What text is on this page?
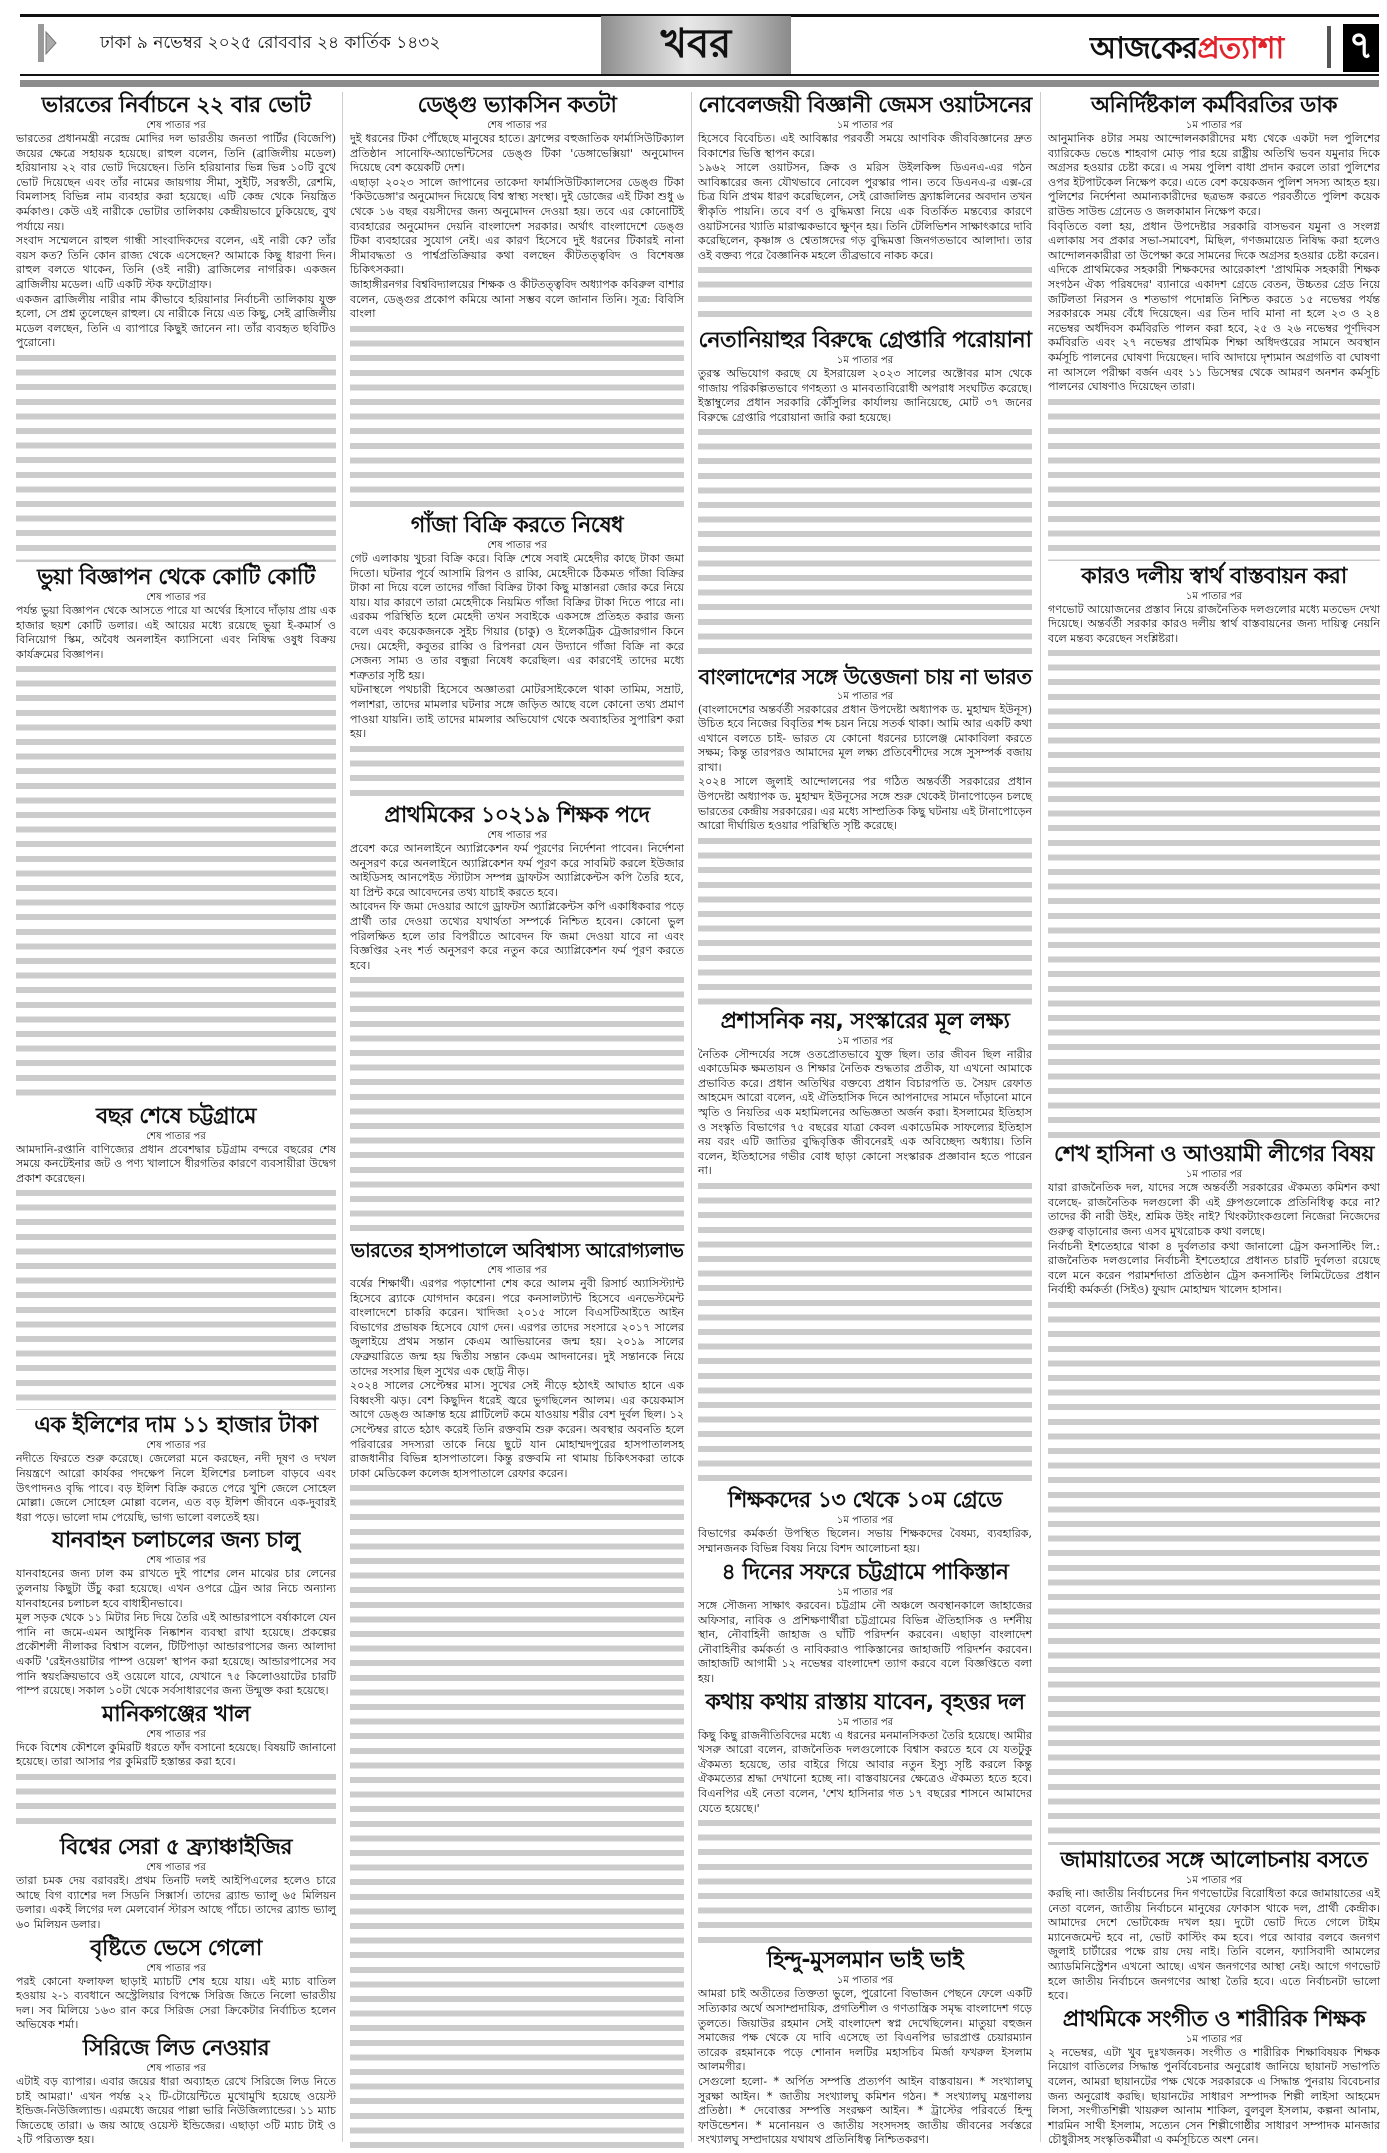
ঢাকা ৯ নভেম্বর ২০২৫ রোববার ২৪ কার্তিক ১৪৩২	খবর	আজকেরপ্রত্যাশা ৭
ভারতের নির্বাচনে ২২ বার ভোট
শেষ পাতার পর

ভারতের প্রধানমন্ত্রী নরেন্দ্র মোদির দল ভারতীয় জনতা পার্টির (বিজেপি) জয়ের ক্ষেত্রে সহায়ক হয়েছে। রাহুল বলেন, তিনি (ব্রাজিলীয় মডেল) হরিয়ানায় ২২ বার ভোট দিয়েছেন। তিনি হরিয়ানার ভিন্ন ভিন্ন ১০টি বুথে ভোট দিয়েছেন এবং তাঁর নামের জায়গায় সীমা, সুইটি, সরস্বতী, রেশমি, বিমলাসহ বিভিন্ন নাম ব্যবহার করা হয়েছে। এটি কেন্দ্র থেকে নিয়ন্ত্রিত কর্মকাণ্ড। কেউ এই নারীকে ভোটার তালিকায় কেন্দ্রীয়ভাবে ঢুকিয়েছে, বুথ পর্যায়ে নয়।

সংবাদ সম্মেলনে রাহুল গান্ধী সাংবাদিকদের বলেন, এই নারী কে? তাঁর বয়স কত? তিনি কোন রাজ্য থেকে এসেছেন? আমাকে কিছু ধারণা দিন। রাহুল বলতে থাকেন, তিনি (ওই নারী) ব্রাজিলের নাগরিক। একজন ব্রাজিলীয় মডেল। এটি একটি স্টক ফটোগ্রাফ।

একজন ব্রাজিলীয় নারীর নাম কীভাবে হরিয়ানার নির্বাচনী তালিকায় যুক্ত হলো, সে প্রশ্ন তুলেছেন রাহুল। যে নারীকে নিয়ে এত কিছু, সেই ব্রাজিলীয় মডেল বলছেন, তিনি এ ব্যাপারে কিছুই জানেন না। তাঁর ব্যবহৃত ছবিটিও পুরোনো।

ভুয়া বিজ্ঞাপন থেকে কোটি কোটি
শেষ পাতার পর

পর্যন্ত ভুয়া বিজ্ঞাপন থেকে আসতে পারে যা অর্থের হিসাবে দাঁড়ায় প্রায় এক হাজার ছয়শ কোটি ডলার। এই আয়ের মধ্যে রয়েছে ভুয়া ই-কমার্স ও বিনিয়োগ স্কিম, অবৈধ অনলাইন ক্যাসিনো এবং নিষিদ্ধ ওষুধ বিক্রয় কার্যক্রমের বিজ্ঞাপন।

বছর শেষে চট্টগ্রামে
শেষ পাতার পর

আমদানি-রপ্তানি বাণিজ্যের প্রধান প্রবেশদ্বার চট্টগ্রাম বন্দরে বছরের শেষ সময়ে কনটেইনার জট ও পণ্য খালাসে ধীরগতির কারণে ব্যবসায়ীরা উদ্বেগ প্রকাশ করেছেন।

এক ইলিশের দাম ১১ হাজার টাকা
শেষ পাতার পর

নদীতে ফিরতে শুরু করেছে। জেলেরা মনে করছেন, নদী দূষণ ও দখল নিয়ন্ত্রণে আরো কার্যকর পদক্ষেপ নিলে ইলিশের চলাচল বাড়বে এবং উৎপাদনও বৃদ্ধি পাবে। বড় ইলিশ বিক্রি করতে পেরে খুশি জেলে সোহেল মোল্লা। জেলে সোহেল মোল্লা বলেন, এত বড় ইলিশ জীবনে এক-দুবারই ধরা পড়ে। ভালো দাম পেয়েছি, ভাগ্য ভালো বলতেই হয়।

যানবাহন চলাচলের জন্য চালু
শেষ পাতার পর

যানবাহনের জন্য ঢাল কম রাখতে দুই পাশের লেন মাঝের চার লেনের তুলনায় কিছুটা উঁচু করা হয়েছে। এখন ওপরে ট্রেন আর নিচে অন্যান্য যানবাহনের চলাচল হবে বাধাহীনভাবে।

মূল সড়ক থেকে ১১ মিটার নিচ দিয়ে তৈরি এই আন্ডারপাসে বর্ষাকালে যেন পানি না জমে-এমন আধুনিক নিষ্কাশন ব্যবস্থা রাখা হয়েছে। প্রকল্পের প্রকৌশলী নীলাকর বিশ্বাস বলেন, টিটিপাড়া আন্ডারপাসের জন্য আলাদা একটি 'রেইনওয়াটার পাম্প ওয়েল' স্থাপন করা হয়েছে। আন্ডারপাসের সব পানি স্বয়ংক্রিয়ভাবে ওই ওয়েলে যাবে, যেখানে ৭৫ কিলোওয়াটের চারটি পাম্প রয়েছে। সকাল ১০টা থেকে সর্বসাধারণের জন্য উন্মুক্ত করা হয়েছে।

মানিকগঞ্জের খাল
শেষ পাতার পর

দিকে বিশেষ কৌশলে কুমিরটি ধরতে ফাঁদ বসানো হয়েছে। বিষয়টি জানানো হয়েছে। তারা আসার পর কুমিরটি হস্তান্তর করা হবে।

বিশ্বের সেরা ৫ ফ্র্যাঞ্চাইজির
শেষ পাতার পর

তারা চমক দেয় বরাবরই। প্রথম তিনটি দলই আইপিএলের হলেও চারে আছে বিগ ব্যাশের দল সিডনি সিক্সার্স। তাদের ব্র্যান্ড ভ্যালু ৬৫ মিলিয়ন ডলার। একই লিগের দল মেলবোর্ন স্টারস আছে পাঁচে। তাদের ব্র্যান্ড ভ্যালু ৬০ মিলিয়ন ডলার।

বৃষ্টিতে ভেসে গেলো
শেষ পাতার পর

পরই কোনো ফলাফল ছাড়াই ম্যাচটি শেষ হয়ে যায়। এই ম্যাচ বাতিল হওয়ায় ২-১ ব্যবধানে অস্ট্রেলিয়ার বিপক্ষে সিরিজ জিতে নিলো ভারতীয় দল। সব মিলিয়ে ১৬৩ রান করে সিরিজ সেরা ক্রিকেটার নির্বাচিত হলেন অভিষেক শর্মা।

সিরিজে লিড নেওয়ার
শেষ পাতার পর

এটাই বড় ব্যাপার। এবার জয়ের ধারা অব্যাহত রেখে সিরিজে লিড নিতে চাই আমরা।' এখন পর্যন্ত ২২ টি-টোয়েন্টিতে মুখোমুখি হয়েছে ওয়েস্ট ইন্ডিজ-নিউজিল্যান্ড। এরমধ্যে জয়ের পাল্লা ভারি নিউজিল্যান্ডের। ১১ ম্যাচ জিতেছে তারা। ৬ জয় আছে ওয়েস্ট ইন্ডিজের। এছাড়া ৩টি ম্যাচ টাই ও ২টি পরিত্যক্ত হয়।

ডেঙ্গু ভ্যাকসিন কতটা
শেষ পাতার পর

দুই ধরনের টিকা পৌঁছেছে মানুষের হাতে। ফ্রান্সের বহুজাতিক ফার্মাসিউটিক্যাল প্রতিষ্ঠান সানোফি-অ্যাভেন্টিসের ডেঙ্গু টিকা 'ডেঙ্গাভেক্সিয়া' অনুমোদন দিয়েছে বেশ কয়েকটি দেশ।

এছাড়া ২০২৩ সালে জাপানের তাকেদা ফার্মাসিউটিক্যালসের ডেঙ্গু টিকা 'কিউডেঙ্গা'র অনুমোদন দিয়েছে বিশ্ব স্বাস্থ্য সংস্থা। দুই ডোজের এই টিকা শুধু ৬ থেকে ১৬ বছর বয়সীদের জন্য অনুমোদন দেওয়া হয়। তবে এর কোনোটিই ব্যবহারের অনুমোদন দেয়নি বাংলাদেশ সরকার। অর্থাৎ বাংলাদেশে ডেঙ্গু টিকা ব্যবহারের সুযোগ নেই। এর কারণ হিসেবে দুই ধরনের টিকারই নানা সীমাবদ্ধতা ও পার্শ্বপ্রতিক্রিয়ার কথা বলছেন কীটতত্ত্ববিদ ও বিশেষজ্ঞ চিকিৎসকরা।

জাহাঙ্গীরনগর বিশ্ববিদ্যালয়ের শিক্ষক ও কীটতত্ত্ববিদ অধ্যাপক কবিরুল বাশার বলেন, ডেঙ্গুর প্রকোপ কমিয়ে আনা সম্ভব বলে জানান তিনি। সূত্র: বিবিসি বাংলা

গাঁজা বিক্রি করতে নিষেধ
শেষ পাতার পর

গেট এলাকায় খুচরা বিক্রি করে। বিক্রি শেষে সবাই মেহেদীর কাছে টাকা জমা দিতো। ঘটনার পূর্বে আসামি রিপন ও রাব্বি, মেহেদীকে ঠিকমত গাঁজা বিক্রির টাকা না দিয়ে বলে তাদের গাঁজা বিক্রির টাকা কিছু মাস্তানরা জোর করে নিয়ে যায়। যার কারণে তারা মেহেদীকে নিয়মিত গাঁজা বিক্রির টাকা দিতে পারে না। এরকম পরিস্থিতি হলে মেহেদী তখন সবাইকে একসঙ্গে প্রতিহত করার জন্য বলে এবং কয়েকজনকে সুইচ গিয়ার (চাকু) ও ইলেকট্রিক ট্রেজারগান কিনে দেয়। মেহেদী, কবুতর রাব্বি ও রিপনরা যেন উদ্যানে গাঁজা বিক্রি না করে সেজন্য সাম্য ও তার বন্ধুরা নিষেধ করেছিল। এর কারণেই তাদের মধ্যে শত্রুতার সৃষ্টি হয়।

ঘটনাস্থলে পথচারী হিসেবে অজ্ঞাতরা মোটরসাইকেলে থাকা তামিম, সম্রাট, পলাশরা, তাদের মামলার ঘটনার সঙ্গে জড়িত আছে বলে কোনো তথ্য প্রমাণ পাওয়া যায়নি। তাই তাদের মামলার অভিযোগ থেকে অব্যাহতির সুপারিশ করা হয়।

প্রাথমিকের ১০২১৯ শিক্ষক পদে
শেষ পাতার পর

প্রবেশ করে আনলাইনে অ্যাপ্লিকেশন ফর্ম পূরণের নির্দেশনা পাবেন। নির্দেশনা অনুসরণ করে অনলাইনে অ্যাপ্লিকেশন ফর্ম পূরণ করে সাবমিট করলে ইউজার আইডিসহ আনপেইড স্ট্যাটাস সম্পন্ন ড্রাফটস অ্যাপ্লিকেন্টস কপি তৈরি হবে, যা প্রিন্ট করে আবেদনের তথ্য যাচাই করতে হবে।

আবেদন ফি জমা দেওয়ার আগে ড্রাফটস অ্যাপ্লিকেন্টস কপি একাধিকবার পড়ে প্রার্থী তার দেওয়া তথ্যের যথার্থতা সম্পর্কে নিশ্চিত হবেন। কোনো ভুল পরিলক্ষিত হলে তার বিপরীতে আবেদন ফি জমা দেওয়া যাবে না এবং বিজ্ঞপ্তির ২নং শর্ত অনুসরণ করে নতুন করে অ্যাপ্লিকেশন ফর্ম পূরণ করতে হবে।

ভারতের হাসপাতালে অবিশ্বাস্য আরোগ্যলাভ
শেষ পাতার পর

বর্ষের শিক্ষার্থী। এরপর পড়াশোনা শেষ করে আলম নুবী রিসার্চ অ্যাসিস্ট্যান্ট হিসেবে ব্র্যাকে যোগদান করেন। পরে কনসালট্যান্ট হিসেবে এনভেস্টমেন্ট বাংলাদেশে চাকরি করেন। খাদিজা ২০১৫ সালে বিএসটিআইতে আইন বিভাগের প্রভাষক হিসেবে যোগ দেন। এরপর তাদের সংসারে ২০১৭ সালের জুলাইয়ে প্রথম সন্তান কেএম আভিয়ানের জন্ম হয়। ২০১৯ সালের ফেব্রুয়ারিতে জন্ম হয় দ্বিতীয় সন্তান কেএম আদনানের। দুই সন্তানকে নিয়ে তাদের সংসার ছিল সুখের এক ছোট্ট নীড়।

২০২৪ সালের সেপ্টেম্বর মাস। সুখের সেই নীড়ে হঠাৎই আঘাত হানে এক বিধ্বংসী ঝড়। বেশ কিছুদিন ধরেই জ্বরে ভুগছিলেন আলম। এর কয়েকমাস আগে ডেঙ্গু আক্রান্ত হয়ে প্লাটিলেট কমে যাওয়ায় শরীর বেশ দুর্বল ছিল। ১২ সেপ্টেম্বর রাতে হঠাৎ করেই তিনি রক্তবমি শুরু করেন। অবস্থার অবনতি হলে পরিবারের সদস্যরা তাকে নিয়ে ছুটে যান মোহাম্মদপুরের হাসপাতালসহ রাজধানীর বিভিন্ন হাসপাতালে। কিন্তু রক্তবমি না থামায় চিকিৎসকরা তাকে ঢাকা মেডিকেল কলেজ হাসপাতালে রেফার করেন।

নোবেলজয়ী বিজ্ঞানী জেমস ওয়াটসনের
১ম পাতার পর

হিসেবে বিবেচিত। এই আবিষ্কার পরবর্তী সময়ে আণবিক জীববিজ্ঞানের দ্রুত বিকাশের ভিত্তি স্থাপন করে।

১৯৬২ সালে ওয়াটসন, ক্রিক ও মরিস উইলকিন্স ডিএনএ-এর গঠন আবিষ্কারের জন্য যৌথভাবে নোবেল পুরস্কার পান। তবে ডিএনএ-র এক্স-রে চিত্র যিনি প্রথম ধারণ করেছিলেন, সেই রোজালিন্ড ফ্র্যাঙ্কলিনের অবদান তখন স্বীকৃতি পায়নি। তবে বর্ণ ও বুদ্ধিমত্তা নিয়ে এক বিতর্কিত মন্তব্যের কারণে ওয়াটসনের খ্যাতি মারাত্মকভাবে ক্ষুণ্ন হয়। তিনি টেলিভিশন সাক্ষাৎকারে দাবি করেছিলেন, কৃষ্ণাঙ্গ ও শ্বেতাঙ্গদের গড় বুদ্ধিমত্তা জিনগতভাবে আলাদা। তার ওই বক্তব্য পরে বৈজ্ঞানিক মহলে তীব্রভাবে নাকচ করে।

নেতানিয়াহুর বিরুদ্ধে গ্রেপ্তারি পরোয়ানা
১ম পাতার পর

তুরস্ক অভিযোগ করছে যে ইসরায়েল ২০২৩ সালের অক্টোবর মাস থেকে গাজায় পরিকল্পিতভাবে গণহত্যা ও মানবতাবিরোধী অপরাধ সংঘটিত করেছে। ইস্তাম্বুলের প্রধান সরকারি কৌঁসুলির কার্যালয় জানিয়েছে, মোট ৩৭ জনের বিরুদ্ধে গ্রেপ্তারি পরোয়ানা জারি করা হয়েছে।

বাংলাদেশের সঙ্গে উত্তেজনা চায় না ভারত
১ম পাতার পর

(বাংলাদেশের অন্তর্বর্তী সরকারের প্রধান উপদেষ্টা অধ্যাপক ড. মুহাম্মদ ইউনূস) উচিত হবে নিজের বিবৃতির শব্দ চয়ন নিয়ে সতর্ক থাকা। আমি আর একটি কথা এখানে বলতে চাই- ভারত যে কোনো ধরনের চ্যালেঞ্জ মোকাবিলা করতে সক্ষম; কিন্তু তারপরও আমাদের মূল লক্ষ্য প্রতিবেশীদের সঙ্গে সুসম্পর্ক বজায় রাখা।

২০২৪ সালে জুলাই আন্দোলনের পর গঠিত অন্তর্বর্তী সরকারের প্রধান উপদেষ্টা অধ্যাপক ড. মুহাম্মদ ইউনূসের সঙ্গে শুরু থেকেই টানাপোড়েন চলছে ভারতের কেন্দ্রীয় সরকারের। এর মধ্যে সাম্প্রতিক কিছু ঘটনায় এই টানাপোড়েন আরো দীর্ঘায়িত হওয়ার পরিস্থিতি সৃষ্টি করেছে।

প্রশাসনিক নয়, সংস্কারের মূল লক্ষ্য
১ম পাতার পর

নৈতিক সৌন্দর্যের সঙ্গে ওতপ্রোতভাবে যুক্ত ছিল। তার জীবন ছিল নারীর একাডেমিক ক্ষমতায়ন ও শিক্ষার নৈতিক শুদ্ধতার প্রতীক, যা এখনো আমাকে প্রভাবিত করে। প্রধান অতিথির বক্তব্যে প্রধান বিচারপতি ড. সৈয়দ রেফাত আহমেদ আরো বলেন, এই ঐতিহাসিক দিনে আপনাদের সামনে দাঁড়ানো মানে স্মৃতি ও নিয়তির এক মহামিলনের অভিজ্ঞতা অর্জন করা। ইসলামের ইতিহাস ও সংস্কৃতি বিভাগের ৭৫ বছরের যাত্রা কেবল একাডেমিক সাফল্যের ইতিহাস নয় বরং এটি জাতির বুদ্ধিবৃত্তিক জীবনেরই এক অবিচ্ছেদ্য অধ্যায়। তিনি বলেন, ইতিহাসের গভীর বোধ ছাড়া কোনো সংস্কারক প্রজ্ঞাবান হতে পারেন না।

শিক্ষকদের ১৩ থেকে ১০ম গ্রেডে
১ম পাতার পর

বিভাগের কর্মকর্তা উপস্থিত ছিলেন। সভায় শিক্ষকদের বৈষম্য, ব্যবহারিক, সম্মানজনক বিভিন্ন বিষয় নিয়ে বিশদ আলোচনা হয়।

৪ দিনের সফরে চট্টগ্রামে পাকিস্তান
১ম পাতার পর

সঙ্গে সৌজন্য সাক্ষাৎ করবেন। চট্টগ্রাম নৌ অঞ্চলে অবস্থানকালে জাহাজের অফিসার, নাবিক ও প্রশিক্ষণার্থীরা চট্টগ্রামের বিভিন্ন ঐতিহাসিক ও দর্শনীয় স্থান, নৌবাহিনী জাহাজ ও ঘাঁটি পরিদর্শন করবেন। এছাড়া বাংলাদেশ নৌবাহিনীর কর্মকর্তা ও নাবিকরাও পাকিস্তানের জাহাজটি পরিদর্শন করবেন। জাহাজটি আগামী ১২ নভেম্বর বাংলাদেশ ত্যাগ করবে বলে বিজ্ঞপ্তিতে বলা হয়।

কথায় কথায় রাস্তায় যাবেন, বৃহত্তর দল
১ম পাতার পর

কিছু কিছু রাজনীতিবিদের মধ্যে এ ধরনের মনমানসিকতা তৈরি হয়েছে। আমীর খসরু আরো বলেন, রাজনৈতিক দলগুলোকে বিশ্বাস করতে হবে যে যতটুকু ঐকমত্য হয়েছে, তার বাইরে গিয়ে আবার নতুন ইস্যু সৃষ্টি করলে কিন্তু ঐকমত্যের শ্রদ্ধা দেখানো হচ্ছে না। বাস্তবায়নের ক্ষেত্রেও ঐকমত্য হতে হবে। বিএনপির এই নেতা বলেন, 'শেখ হাসিনার গত ১৭ বছরের শাসনে আমাদের যেতে হয়েছে।'

হিন্দু-মুসলমান ভাই ভাই
১ম পাতার পর

আমরা চাই অতীতের তিক্ততা ভুলে, পুরোনো বিভাজন পেছনে ফেলে একটি সত্যিকার অর্থে অসাম্প্রদায়িক, প্রগতিশীল ও গণতান্ত্রিক সমৃদ্ধ বাংলাদেশ গড়ে তুলতে। জিয়াউর রহমান সেই বাংলাদেশ স্বপ্ন দেখেছিলেন। মাতুয়া বহুজন সমাজের পক্ষ থেকে যে দাবি এসেছে তা বিএনপির ভারপ্রাপ্ত চেয়ারম্যান তারেক রহমানকে পড়ে শোনান দলটির মহাসচিব মির্জা ফখরুল ইসলাম আলমগীর।

সেগুলো হলো- * অর্পিত সম্পত্তি প্রত্যর্পণ আইন বাস্তবায়ন। * সংখ্যালঘু সুরক্ষা আইন। * জাতীয় সংখ্যালঘু কমিশন গঠন। * সংখ্যালঘু মন্ত্রণালয় প্রতিষ্ঠা। * দেবোত্তর সম্পত্তি সংরক্ষণ আইন। * ট্রাস্টের পরিবর্তে হিন্দু ফাউন্ডেশন। * মনোনয়ন ও জাতীয় সংসদসহ জাতীয় জীবনের সর্বস্তরে সংখ্যালঘু সম্প্রদায়ের যথাযথ প্রতিনিধিত্ব নিশ্চিতকরণ।

অনির্দিষ্টকাল কর্মবিরতির ডাক
১ম পাতার পর

আনুমানিক ৪টার সময় আন্দোলনকারীদের মধ্য থেকে একটা দল পুলিশের ব্যারিকেড ভেঙে শাহবাগ মোড় পার হয়ে রাষ্ট্রীয় অতিথি ভবন যমুনার দিকে অগ্রসর হওয়ার চেষ্টা করে। এ সময় পুলিশ বাধা প্রদান করলে তারা পুলিশের ওপর ইটপাটকেল নিক্ষেপ করে। এতে বেশ কয়েকজন পুলিশ সদস্য আহত হয়। পুলিশের নির্দেশনা অমান্যকারীদের ছত্রভঙ্গ করতে পরবর্তীতে পুলিশ কয়েক রাউন্ড সাউন্ড গ্রেনেড ও জলকামান নিক্ষেপ করে।

বিবৃতিতে বলা হয়, প্রধান উপদেষ্টার সরকারি বাসভবন যমুনা ও সংলগ্ন এলাকায় সব প্রকার সভা-সমাবেশ, মিছিল, গণজমায়েত নিষিদ্ধ করা হলেও আন্দোলনকারীরা তা উপেক্ষা করে সামনের দিকে অগ্রসর হওয়ার চেষ্টা করেন।

এদিকে প্রাথমিকের সহকারী শিক্ষকদের আরেকাংশ 'প্রাথমিক সহকারী শিক্ষক সংগঠন ঐক্য পরিষদের' ব্যানারে একাদশ গ্রেডে বেতন, উচ্চতর গ্রেড নিয়ে জটিলতা নিরসন ও শতভাগ পদোন্নতি নিশ্চিত করতে ১৫ নভেম্বর পর্যন্ত সরকারকে সময় বেঁধে দিয়েছেন। এর তিন দাবি মানা না হলে ২৩ ও ২৪ নভেম্বর অর্ধদিবস কর্মবিরতি পালন করা হবে, ২৫ ও ২৬ নভেম্বর পূর্ণদিবস কর্মবিরতি এবং ২৭ নভেম্বর প্রাথমিক শিক্ষা অধিদপ্তরের সামনে অবস্থান কর্মসূচি পালনের ঘোষণা দিয়েছেন। দাবি আদায়ে দৃশ্যমান অগ্রগতি বা ঘোষণা না আসলে পরীক্ষা বর্জন এবং ১১ ডিসেম্বর থেকে আমরণ অনশন কর্মসূচি পালনের ঘোষণাও দিয়েছেন তারা।

কারও দলীয় স্বার্থ বাস্তবায়ন করা
১ম পাতার পর

গণভোট আয়োজনের প্রস্তাব নিয়ে রাজনৈতিক দলগুলোর মধ্যে মতভেদ দেখা দিয়েছে। অন্তর্বর্তী সরকার কারও দলীয় স্বার্থ বাস্তবায়নের জন্য দায়িত্ব নেয়নি বলে মন্তব্য করেছেন সংশ্লিষ্টরা।

শেখ হাসিনা ও আওয়ামী লীগের বিষয়
১ম পাতার পর

যারা রাজনৈতিক দল, যাদের সঙ্গে অন্তর্বর্তী সরকারের ঐকমত্য কমিশন কথা বলেছে- রাজনৈতিক দলগুলো কী এই গ্রুপগুলোকে প্রতিনিধিত্ব করে না? তাদের কী নারী উইং, শ্রমিক উইং নাই? থিংকট্যাংকগুলো নিজেরা নিজেদের গুরুত্ব বাড়ানোর জন্য এসব মুখরোচক কথা বলছে।

নির্বাচনী ইশতেহারে থাকা ৪ দুর্বলতার কথা জানালো ট্রেস কনসাল্টিং লি.: রাজনৈতিক দলগুলোর নির্বাচনী ইশতেহারে প্রধানত চারটি দুর্বলতা রয়েছে বলে মনে করেন পরামর্শদাতা প্রতিষ্ঠান ট্রেস কনসাল্টিং লিমিটেডের প্রধান নির্বাহী কর্মকর্তা (সিইও) ফুয়াদ মোহাম্মদ খালেদ হাসান।

জামায়াতের সঙ্গে আলোচনায় বসতে
১ম পাতার পর

করছি না। জাতীয় নির্বাচনের দিন গণভোটের বিরোধিতা করে জামায়াতের এই নেতা বলেন, জাতীয় নির্বাচনে মানুষের ফোকাস থাকে দল, প্রার্থী কেন্দ্রীক। আমাদের দেশে ভোটকেন্দ্র দখল হয়। দুটো ভোট দিতে গেলে টাইম ম্যানেজমেন্ট হবে না, ভোট কাস্টিং কম হবে। পরে আবার বলবে জনগণ জুলাই চার্টারের পক্ষে রায় দেয় নাই। তিনি বলেন, ফ্যাসিবাদী আমলের অ্যাডমিনিস্ট্রেশন এখনো আছে। এখন জনগণের আস্থা নেই। আগে গণভোট হলে জাতীয় নির্বাচনে জনগণের আস্থা তৈরি হবে। এতে নির্বাচনটা ভালো হবে।

প্রাথমিকে সংগীত ও শারীরিক শিক্ষক
১ম পাতার পর

২ নভেম্বর, এটা খুব দুঃখজনক। সংগীত ও শারীরিক শিক্ষাবিষয়ক শিক্ষক নিয়োগ বাতিলের সিদ্ধান্ত পুনর্বিবেচনার অনুরোধ জানিয়ে ছায়ানট সভাপতি বলেন, আমরা ছায়ানটের পক্ষ থেকে সরকারকে এ সিদ্ধান্ত পুনরায় বিবেচনার জন্য অনুরোধ করছি। ছায়ানটের সাধারণ সম্পাদক শিল্পী লাইসা আহমেদ লিসা, সংগীতশিল্পী খায়রুল আনাম শাকিল, বুলবুল ইসলাম, কল্পনা আনাম, শারমিন সাথী ইসলাম, সত্যেন সেন শিল্পীগোষ্ঠীর সাধারণ সম্পাদক মানজার চৌধুরীসহ সংস্কৃতিকর্মীরা এ কর্মসূচিতে অংশ নেন।
